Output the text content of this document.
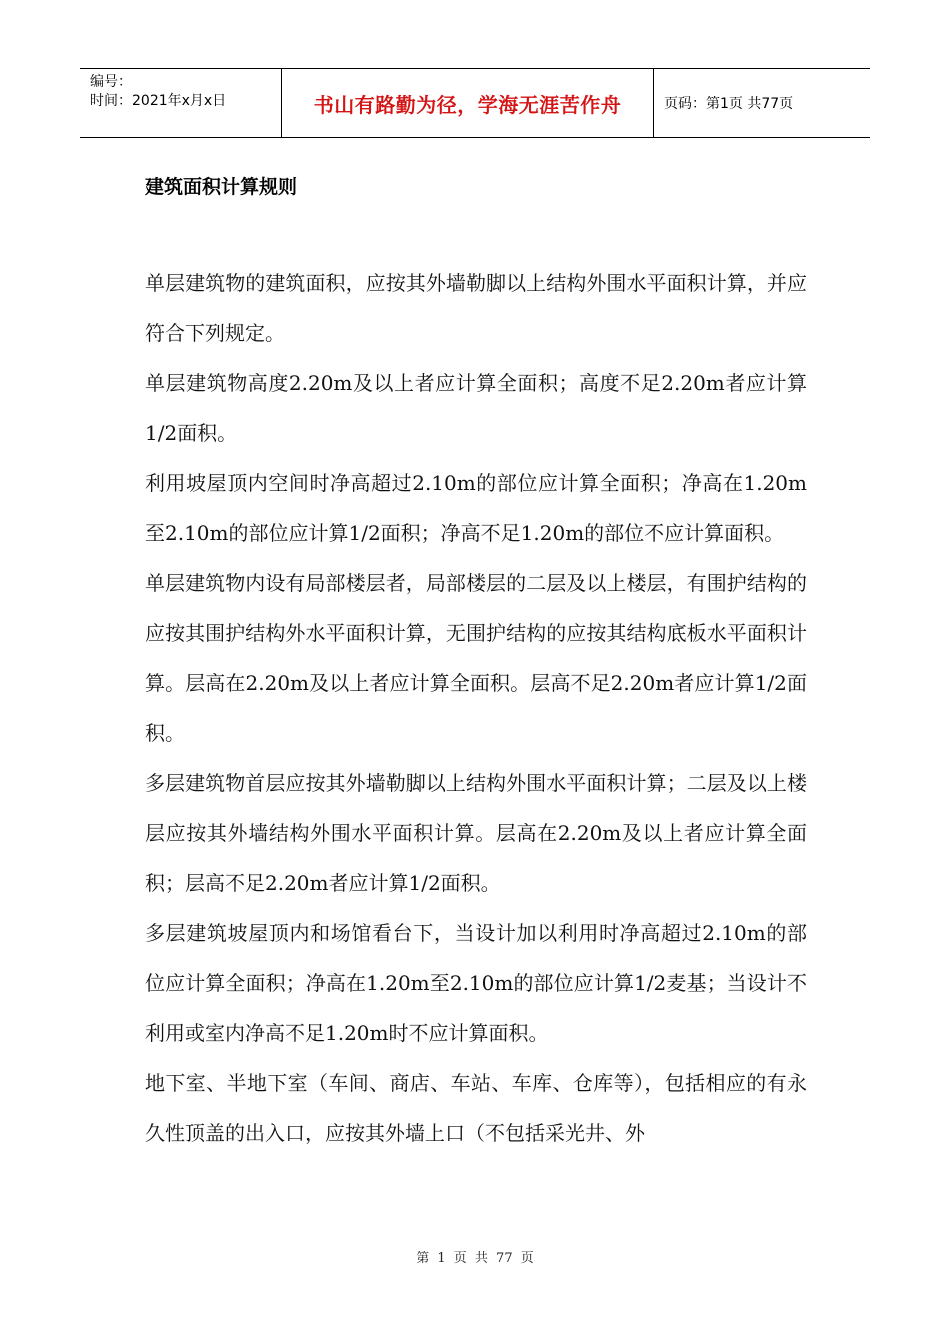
编号：
时间：2021年x月x日	书山有路勤为径，学海无涯苦作舟	页码：第1页 共77页
建筑面积计算规则

单层建筑物的建筑面积，应按其外墙勒脚以上结构外围水平面积计算，并应符合下列规定。

单层建筑物高度2.20m及以上者应计算全面积；高度不足2.20m者应计算1/2面积。

利用坡屋顶内空间时净高超过2.10m的部位应计算全面积；净高在1.20m至2.10m的部位应计算1/2面积；净高不足1.20m的部位不应计算面积。

单层建筑物内设有局部楼层者，局部楼层的二层及以上楼层，有围护结构的应按其围护结构外水平面积计算，无围护结构的应按其结构底板水平面积计算。层高在2.20m及以上者应计算全面积。层高不足2.20m者应计算1/2面积。

多层建筑物首层应按其外墙勒脚以上结构外围水平面积计算；二层及以上楼层应按其外墙结构外围水平面积计算。层高在2.20m及以上者应计算全面积；层高不足2.20m者应计算1/2面积。

多层建筑坡屋顶内和场馆看台下，当设计加以利用时净高超过2.10m的部位应计算全面积；净高在1.20m至2.10m的部位应计算1/2麦基；当设计不利用或室内净高不足1.20m时不应计算面积。

地下室、半地下室（车间、商店、车站、车库、仓库等），包括相应的有永久性顶盖的出入口，应按其外墙上口（不包括采光井、外

第 1 页 共 77 页
